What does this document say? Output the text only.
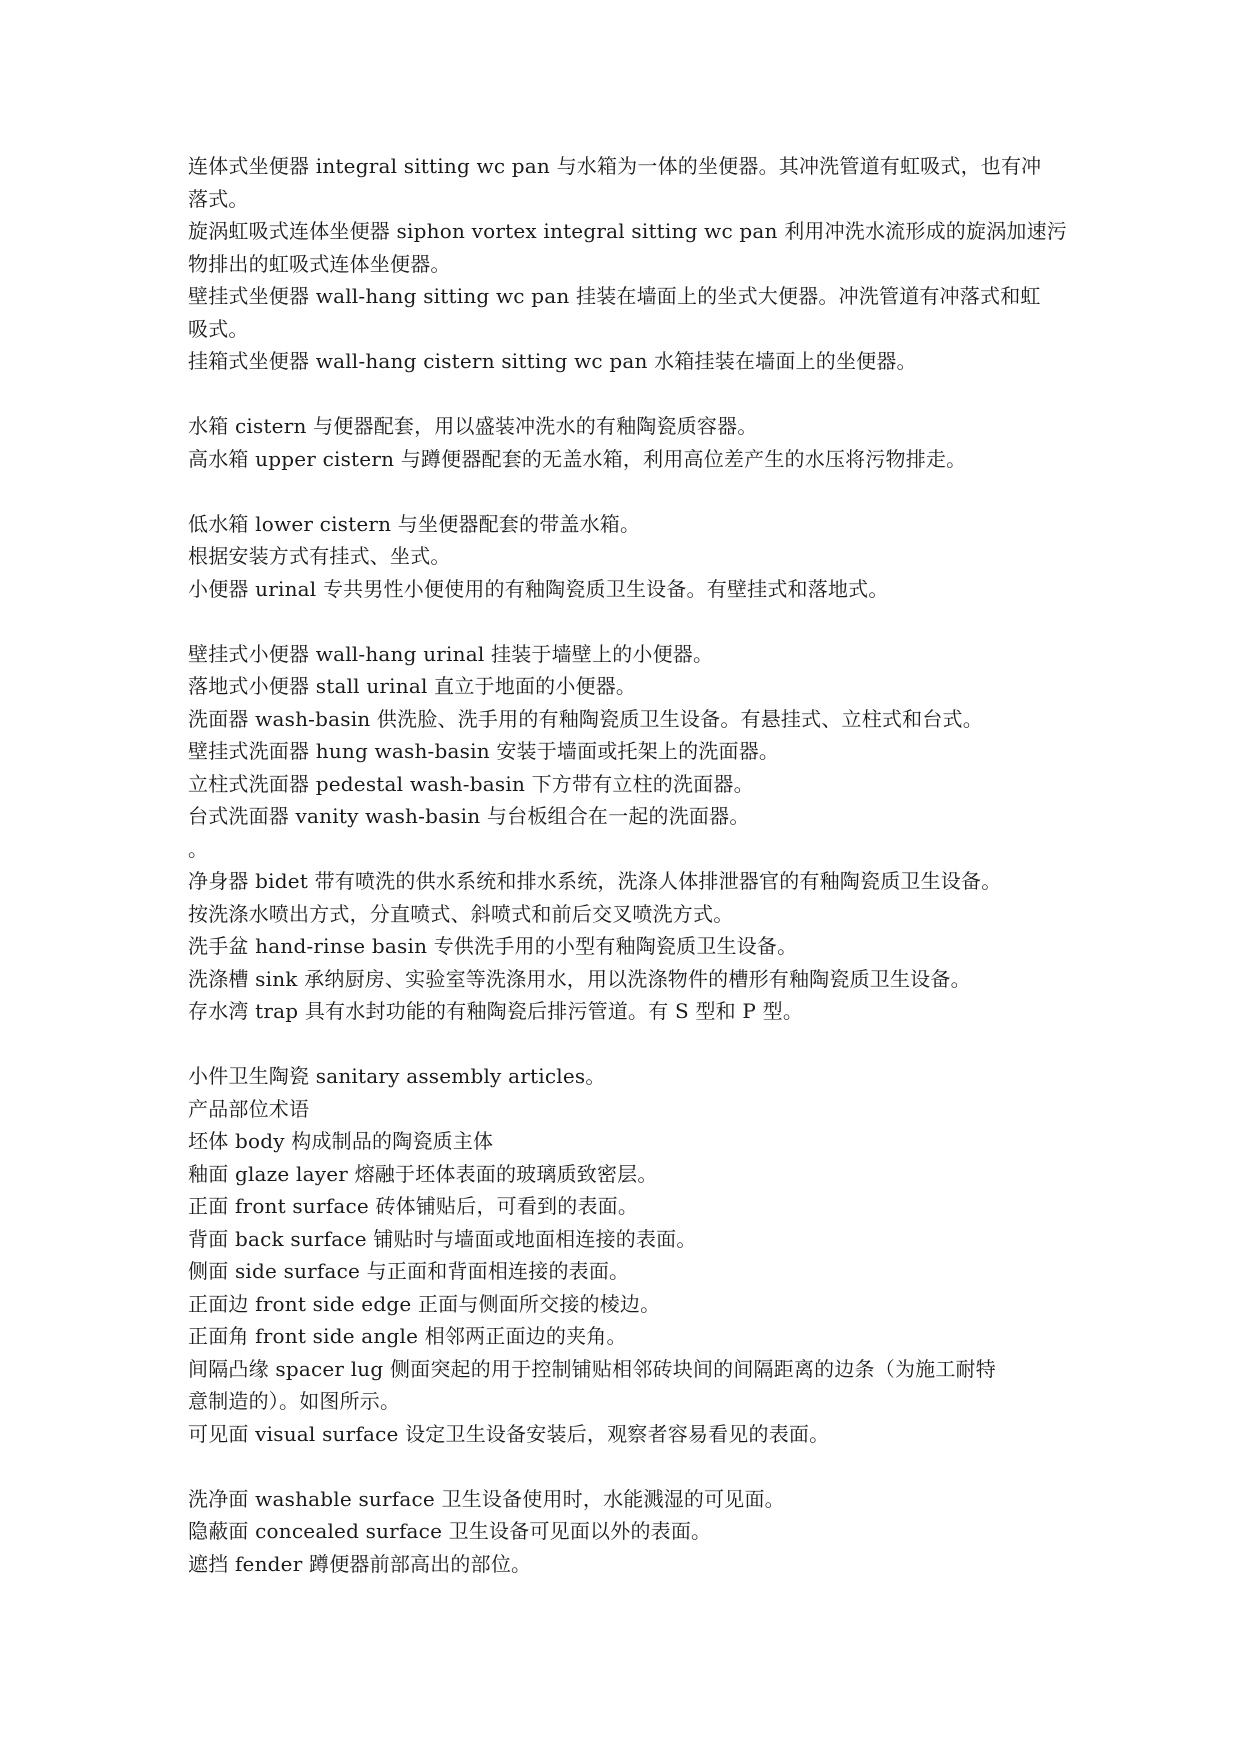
连体式坐便器 integral sitting wc pan 与水箱为一体的坐便器。其冲洗管道有虹吸式，也有冲
落式。
旋涡虹吸式连体坐便器 siphon vortex integral sitting wc pan 利用冲洗水流形成的旋涡加速污
物排出的虹吸式连体坐便器。
壁挂式坐便器 wall-hang sitting wc pan 挂装在墙面上的坐式大便器。冲洗管道有冲落式和虹
吸式。
挂箱式坐便器 wall-hang cistern sitting wc pan 水箱挂装在墙面上的坐便器。
水箱 cistern 与便器配套，用以盛装冲洗水的有釉陶瓷质容器。
高水箱 upper cistern 与蹲便器配套的无盖水箱，利用高位差产生的水压将污物排走。
低水箱 lower cistern 与坐便器配套的带盖水箱。
根据安装方式有挂式、坐式。
小便器 urinal 专共男性小便使用的有釉陶瓷质卫生设备。有壁挂式和落地式。
壁挂式小便器 wall-hang urinal 挂装于墙壁上的小便器。
落地式小便器 stall urinal 直立于地面的小便器。
洗面器 wash-basin 供洗脸、洗手用的有釉陶瓷质卫生设备。有悬挂式、立柱式和台式。
壁挂式洗面器 hung wash-basin 安装于墙面或托架上的洗面器。
立柱式洗面器 pedestal wash-basin 下方带有立柱的洗面器。
台式洗面器 vanity wash-basin 与台板组合在一起的洗面器。
。
净身器 bidet 带有喷洗的供水系统和排水系统，洗涤人体排泄器官的有釉陶瓷质卫生设备。
按洗涤水喷出方式，分直喷式、斜喷式和前后交叉喷洗方式。
洗手盆 hand-rinse basin 专供洗手用的小型有釉陶瓷质卫生设备。
洗涤槽 sink 承纳厨房、实验室等洗涤用水，用以洗涤物件的槽形有釉陶瓷质卫生设备。
存水湾 trap 具有水封功能的有釉陶瓷后排污管道。有 S 型和 P 型。
小件卫生陶瓷 sanitary assembly articles。
产品部位术语
坯体 body 构成制品的陶瓷质主体
釉面 glaze layer 熔融于坯体表面的玻璃质致密层。
正面 front surface 砖体铺贴后，可看到的表面。
背面 back surface 铺贴时与墙面或地面相连接的表面。
侧面 side surface 与正面和背面相连接的表面。
正面边 front side edge 正面与侧面所交接的棱边。
正面角 front side angle 相邻两正面边的夹角。
间隔凸缘 spacer lug 侧面突起的用于控制铺贴相邻砖块间的间隔距离的边条（为施工耐特
意制造的）。如图所示。
可见面 visual surface 设定卫生设备安装后，观察者容易看见的表面。
洗净面 washable surface 卫生设备使用时，水能溅湿的可见面。
隐蔽面 concealed surface 卫生设备可见面以外的表面。
遮挡 fender 蹲便器前部高出的部位。
